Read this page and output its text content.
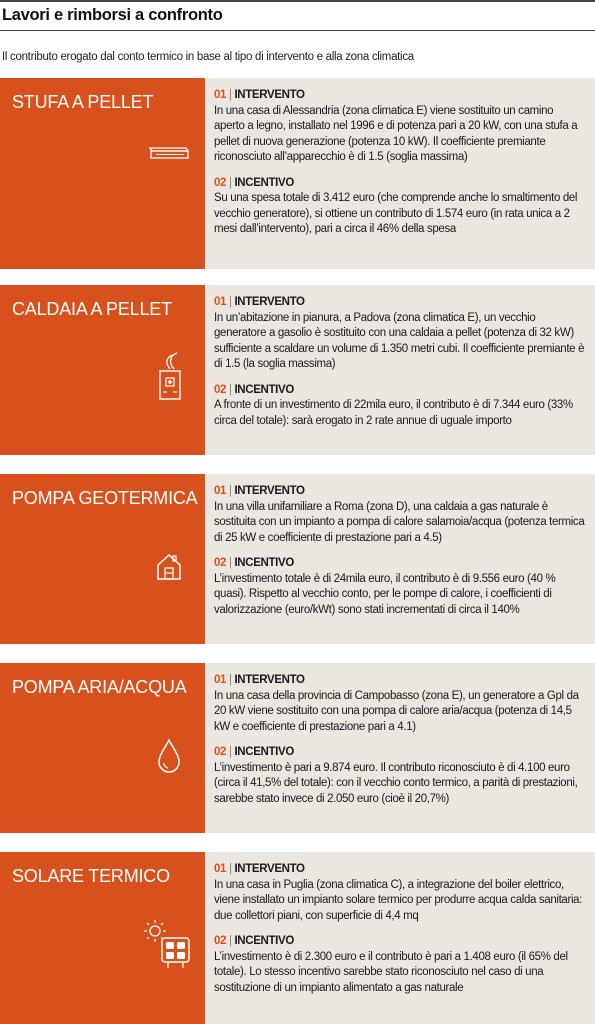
Lavori e rimborsi a confronto
Il contributo erogato dal conto termico in base al tipo di intervento e alla zona climatica
STUFA A PELLET	01 | INTERVENTO
In una casa di Alessandria (zona climatica E) viene sostituito un camino aperto a legno, installato nel 1996 e di potenza pari a 20 kW, con una stufa a pellet di nuova generazione (potenza 10 kW). Il coefficiente premiante riconosciuto all’apparecchio è di 1.5 (soglia massima)
02 | INCENTIVO
Su una spesa totale di 3.412 euro (che comprende anche lo smaltimento del vecchio generatore), si ottiene un contributo di 1.574 euro (in rata unica a 2 mesi dall’intervento), pari a circa il 46% della spesa
CALDAIA A PELLET	01 | INTERVENTO
In un’abitazione in pianura, a Padova (zona climatica E), un vecchio generatore a gasolio è sostituito con una caldaia a pellet (potenza di 32 kW) sufficiente a scaldare un volume di 1.350 metri cubi. Il coefficiente premiante è di 1.5 (la soglia massima)
02 | INCENTIVO
A fronte di un investimento di 22mila euro, il contributo è di 7.344 euro (33% circa del totale): sarà erogato in 2 rate annue di uguale importo
POMPA GEOTERMICA 01 | INTERVENTO
In una villa unifamiliare a Roma (zona D), una caldaia a gas naturale è sostituita con un impianto a pompa di calore salamoia/acqua (potenza termica di 25 kW e coefficiente di prestazione pari a 4.5)
02 | INCENTIVO
L’investimento totale è di 24mila euro, il contributo è di 9.556 euro (40 % quasi). Rispetto al vecchio conto, per le pompe di calore, i coefficienti di valorizzazione (euro/kWt) sono stati incrementati di circa il 140%
POMPA ARIA/ACQUA 01 | INTERVENTO
In una casa della provincia di Campobasso (zona E), un generatore a Gpl da 20 kW viene sostituito con una pompa di calore aria/acqua (potenza di 14,5 kW e coefficiente di prestazione pari a 4.1)
02 | INCENTIVO
L’investimento è pari a 9.874 euro. Il contributo riconosciuto è di 4.100 euro (circa il 41,5% del totale): con il vecchio conto termico, a parità di prestazioni, sarebbe stato invece di 2.050 euro (cioè il 20,7%)
SOLARE TERMICO	01 | INTERVENTO
In una casa in Puglia (zona climatica C), a integrazione del boiler elettrico, viene installato un impianto solare termico per produrre acqua calda sanitaria: due collettori piani, con superficie di 4,4 mq
02 | INCENTIVO
L’investimento è di 2.300 euro e il contributo è pari a 1.408 euro (il 65% del totale). Lo stesso incentivo sarebbe stato riconosciuto nel caso di una sostituzione di un impianto alimentato a gas naturale
